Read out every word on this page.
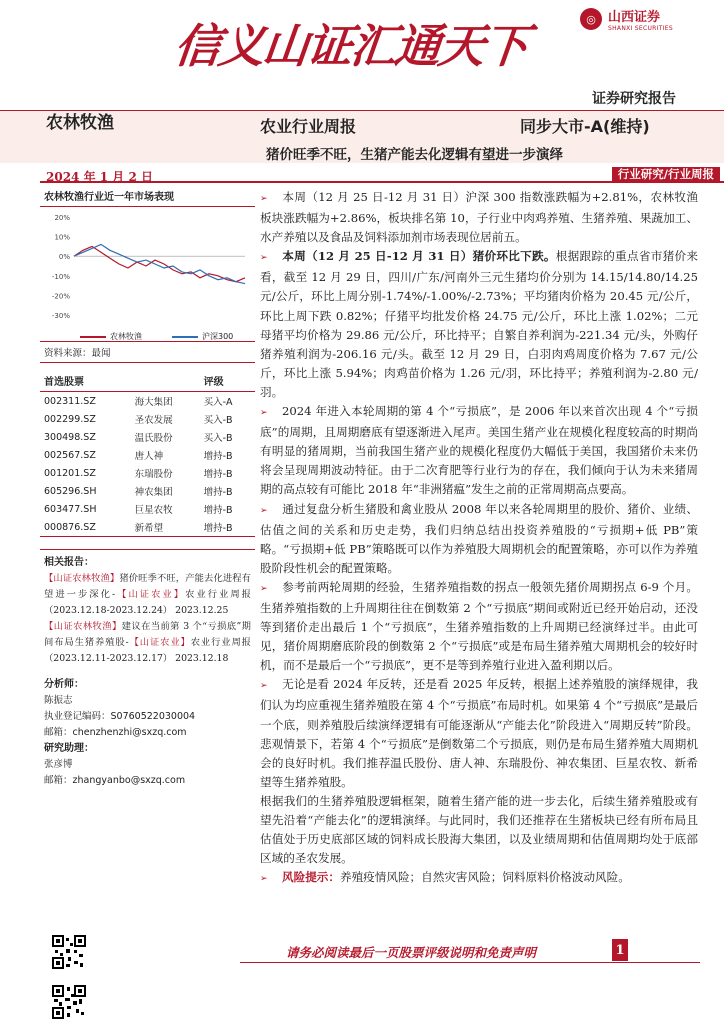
信义山证汇通天下	◎ 山西证券
SHANXI SECURITIES
证券研究报告
农林牧渔	农业行业周报	同步大市-A(维持)
猪价旺季不旺，生猪产能去化逻辑有望进一步演绎
2024 年 1 月 2 日	行业研究/行业周报
农林牧渔行业近一年市场表现
20%
10%
0%
-10%
-20%
-30%
农林牧渔	沪深300
资料来源：最闻
首选股票		评级
002311.SZ	海大集团	买入-A
002299.SZ	圣农发展	买入-B
300498.SZ	温氏股份	买入-B
002567.SZ	唐人神	增持-B
001201.SZ	东瑞股份	增持-B
605296.SH	神农集团	增持-B
603477.SH	巨星农牧	增持-B
000876.SZ	新希望	增持-B
相关报告：
【山证农林牧渔】猪价旺季不旺，产能去化进程有望进一步深化-【山证农业】农业行业周报（2023.12.18-2023.12.24） 2023.12.25
【山证农林牧渔】建议在当前第 3 个“亏损底”期间布局生猪养殖股-【山证农业】农业行业周报（2023.12.11-2023.12.17） 2023.12.18
分析师：
陈振志
执业登记编码：S0760522030004
邮箱：chenzhenzhi@sxzq.com
研究助理：
张彦博
邮箱：zhangyanbo@sxzq.com
➢ 本周（12 月 25 日-12 月 31 日）沪深 300 指数涨跌幅为+2.81%，农林牧渔板块涨跌幅为+2.86%，板块排名第 10，子行业中肉鸡养殖、生猪养殖、果蔬加工、水产养殖以及食品及饲料添加剂市场表现位居前五。
➢ 本周（12 月 25 日-12 月 31 日）猪价环比下跌。根据跟踪的重点省市猪价来看，截至 12 月 29 日，四川/广东/河南外三元生猪均价分别为 14.15/14.80/14.25 元/公斤，环比上周分别-1.74%/-1.00%/-2.73%；平均猪肉价格为 20.45 元/公斤，环比上周下跌 0.82%；仔猪平均批发价格 24.75 元/公斤，环比上涨 1.02%；二元母猪平均价格为 29.86 元/公斤，环比持平；自繁自养利润为-221.34 元/头，外购仔猪养殖利润为-206.16 元/头。截至 12 月 29 日，白羽肉鸡周度价格为 7.67 元/公斤，环比上涨 5.94%；肉鸡苗价格为 1.26 元/羽，环比持平；养殖利润为-2.80 元/羽。
➢ 2024 年进入本轮周期的第 4 个“亏损底”，是 2006 年以来首次出现 4 个“亏损底”的周期，且周期磨底有望逐渐进入尾声。美国生猪产业在规模化程度较高的时期尚有明显的猪周期，当前我国生猪产业的规模化程度仍大幅低于美国，我国猪价未来仍将会呈现周期波动特征。由于二次育肥等行业行为的存在，我们倾向于认为未来猪周期的高点较有可能比 2018 年“非洲猪瘟”发生之前的正常周期高点要高。
➢ 通过复盘分析生猪股和禽业股从 2008 年以来各轮周期里的股价、猪价、业绩、估值之间的关系和历史走势，我们归纳总结出投资养殖股的“亏损期+低 PB”策略。“亏损期+低 PB”策略既可以作为养殖股大周期机会的配置策略，亦可以作为养殖股阶段性机会的配置策略。
➢ 参考前两轮周期的经验，生猪养殖指数的拐点一般领先猪价周期拐点 6-9 个月。生猪养殖指数的上升周期往往在倒数第 2 个“亏损底”期间或附近已经开始启动，还没等到猪价走出最后 1 个“亏损底”，生猪养殖指数的上升周期已经演绎过半。由此可见，猪价周期磨底阶段的倒数第 2 个“亏损底”或是布局生猪养殖大周期机会的较好时机，而不是最后一个“亏损底”，更不是等到养殖行业进入盈利期以后。
➢ 无论是看 2024 年反转，还是看 2025 年反转，根据上述养殖股的演绎规律，我们认为均应重视生猪养殖股在第 4 个“亏损底”布局时机。如果第 4 个“亏损底”是最后一个底，则养殖股后续演绎逻辑有可能逐渐从“产能去化”阶段进入“周期反转”阶段。悲观情景下，若第 4 个“亏损底”是倒数第二个亏损底，则仍是布局生猪养殖大周期机会的良好时机。我们推荐温氏股份、唐人神、东瑞股份、神农集团、巨星农牧、新希望等生猪养殖股。
根据我们的生猪养殖股逻辑框架，随着生猪产能的进一步去化，后续生猪养殖股或有望先沿着“产能去化”的逻辑演绎。与此同时，我们还推荐在生猪板块已经有所布局且估值处于历史底部区域的饲料成长股海大集团，以及业绩周期和估值周期均处于底部区域的圣农发展。
➢ 风险提示：养殖疫情风险；自然灾害风险；饲料原料价格波动风险。
请务必阅读最后一页股票评级说明和免责声明	1
